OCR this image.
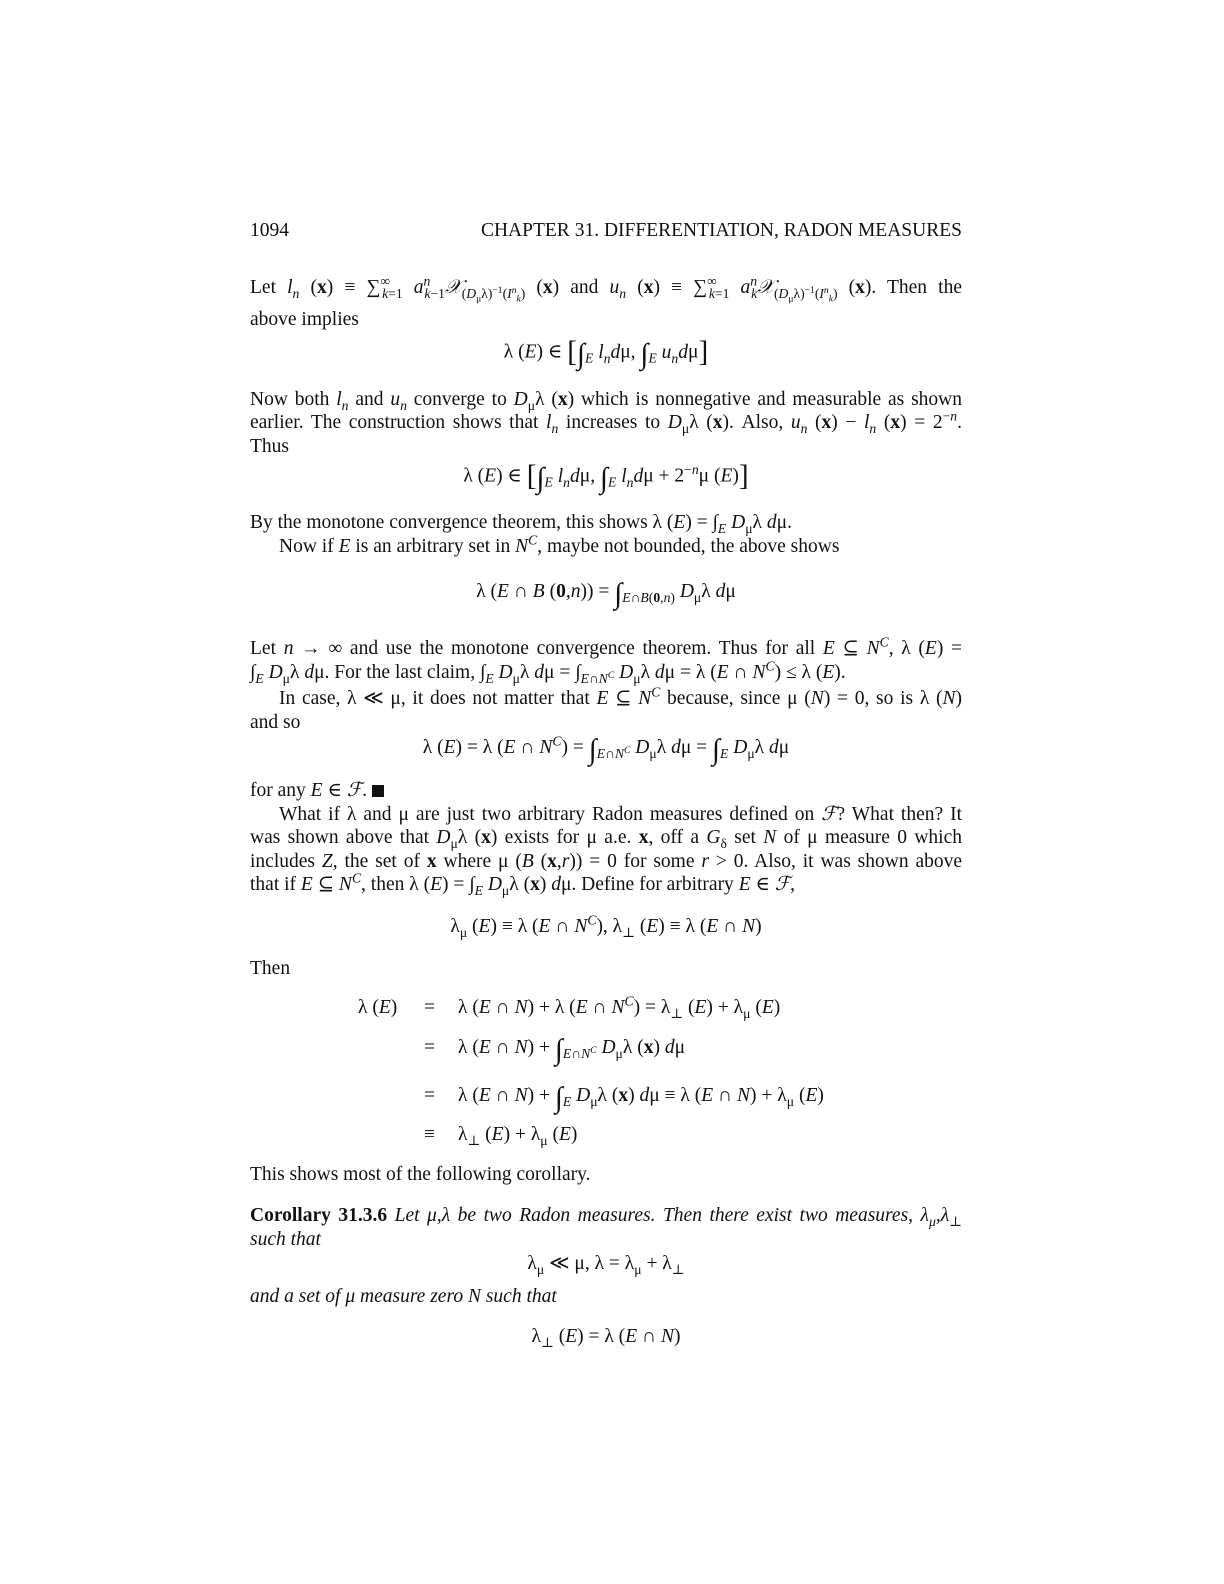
1094	CHAPTER 31. DIFFERENTIATION, RADON MEASURES
Let $l_n$ $(x) \equiv \sum^\infty_{k=1}$ $a^n_{k-1}𝒳_{(D_\mu\lambda)^{-1}(I^n_k)}$ (x) and $u_n$ $(x) \equiv \sum^\infty_{k=1}$ $a^n_k𝒳_{(D_\mu\lambda)^{-1}(I^n_k)}$ (x). Then the
above implies
λ (E) ∈ [$\int_E$ $l_nd\mu$, $\int_E$ $u_nd\mu$]
Now both $l_n$ and $u_n$ converge to $D_\mu\lambda$ (x) which is nonnegative and measurable as shown
earlier. The construction shows that $l_n$ increases to $D_\mu\lambda$ (x). Also, $u_n$ $(x) - l_n$ $(x) = 2^{-n}$.
Thus
λ (E) ∈ [$\int_E$ $l_nd\mu$, $\int_E$ $l_nd\mu + 2^{-n}\mu$ (E)]
By the monotone convergence theorem, this shows λ $(E) = \int_E$ $D_\mu\lambda$ dμ.
Now if E is an arbitrary set in $N^C$, maybe not bounded, the above shows
λ (E ∩ B $(0,n)) = \int_{E\cap B(0,n)}$ $D_\mu\lambda$ dμ
Let n → ∞ and use the monotone convergence theorem. Thus for all E ⊆ $N^C$, λ (E) =
$\int_E$ $D_\mu\lambda$ dμ. For the last claim, $\int_E$ $D_\mu\lambda$ $d\mu = \int_{E\cap N^C}$ $D_\mu\lambda$ dμ = λ (E ∩ $N^C) \le \lambda$ (E).
In case, λ ≪ μ, it does not matter that E ⊆ $N^C$ because, since μ (N) = 0, so is λ (N)
and so
λ (E) = λ (E ∩ $N^C) = \int_{E\cap N^C}$ $D_\mu\lambda$ $d\mu = \int_E$ $D_\mu\lambda$ dμ
for any E ∈ ℱ.
What if λ and μ are just two arbitrary Radon measures defined on ℱ? What then? It
was shown above that $D_\mu\lambda$ (x) exists for μ a.e. x, off a $G_\delta$ set N of μ measure 0 which
includes Z, the set of x where μ (B (x,r)) = 0 for some r > 0. Also, it was shown above
that if E ⊆ $N^C$, then λ $(E) = \int_E$ $D_\mu\lambda$ (x) dμ. Define for arbitrary E ∈ ℱ,
$\lambda_\mu$ (E) ≡ λ (E ∩ $N^C$), $\lambda_\perp$ (E) ≡ λ (E ∩ N)
Then
λ (E) = λ (E ∩ N) + λ (E ∩ $N^C) = \lambda_\perp$ $(E) + \lambda_\mu$ (E)
= λ (E ∩ $N) + \int_{E\cap N^C}$ $D_\mu\lambda$ (x) dμ
= λ (E ∩ $N) + \int_E$ $D_\mu\lambda$ (x) dμ ≡ λ (E ∩ $N) + \lambda_\mu$ (E)
≡ $\lambda_\perp$ $(E) + \lambda_\mu$ (E)
This shows most of the following corollary.
Corollary 31.3.6 Let μ,λ be two Radon measures. Then there exist two measures, $\lambda_\mu,\lambda_\perp$
such that
$\lambda_\mu$ ≪ μ, $\lambda = \lambda_\mu + \lambda_\perp$
and a set of μ measure zero N such that
$\lambda_\perp$ (E) = λ (E ∩ N)
